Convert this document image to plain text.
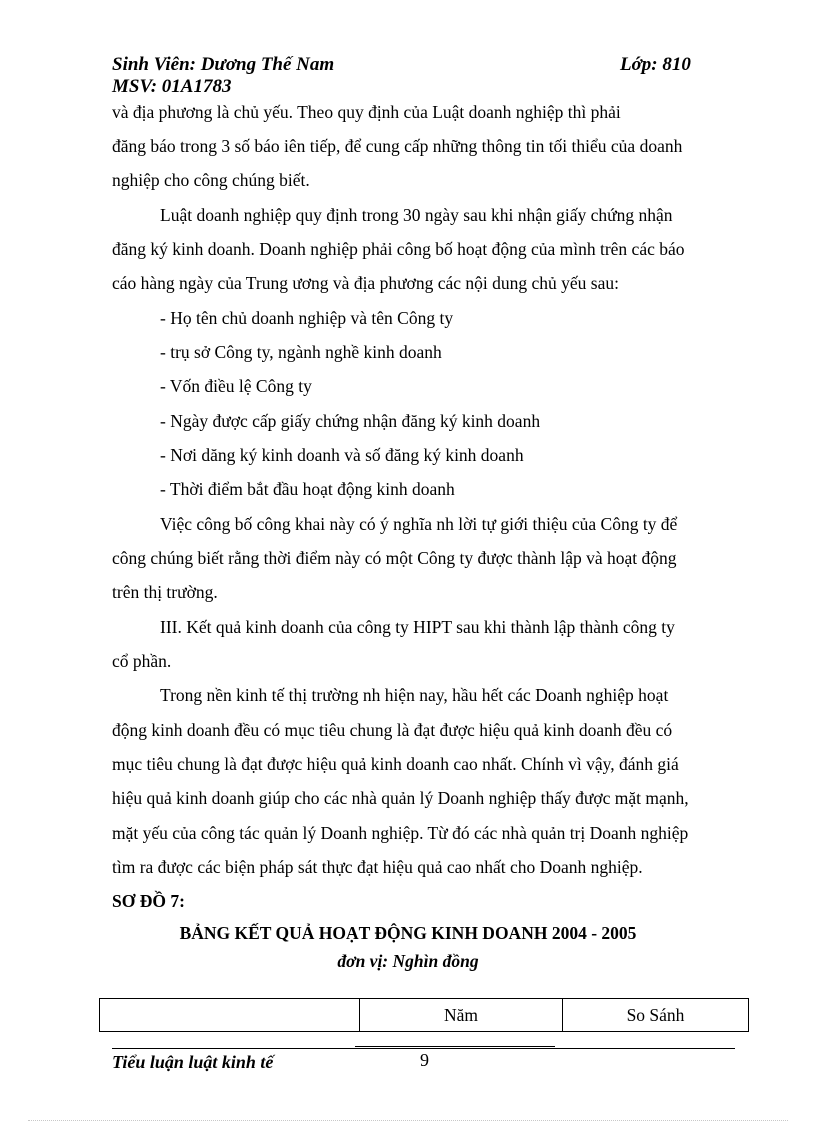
Sinh Viên: Dương Thế Nam	Lớp: 810
MSV: 01A1783
và địa phương là chủ yếu. Theo quy định của Luật doanh nghiệp thì phải
đăng báo trong 3 số báo iên tiếp, để cung cấp những thông tin tối thiểu của doanh
nghiệp cho công chúng biết.
Luật doanh nghiệp quy định trong 30 ngày sau khi nhận giấy chứng nhận
đăng ký kinh doanh. Doanh nghiệp phải công bố hoạt động của mình trên các báo
cáo hàng ngày của Trung ương và địa phương các nội dung chủ yếu sau:
- Họ tên chủ doanh nghiệp và tên Công ty
- trụ sở Công ty, ngành nghề kinh doanh
- Vốn điều lệ Công ty
- Ngày được cấp giấy chứng nhận đăng ký kinh doanh
- Nơi dăng ký kinh doanh và số đăng ký kinh doanh
- Thời điểm bắt đầu hoạt động kinh doanh
Việc công bố công khai này có ý nghĩa nh lời tự giới thiệu của Công ty để
công chúng biết rằng thời điểm này có một Công ty được thành lập và hoạt động
trên thị trường.
III. Kết quả kinh doanh của công ty HIPT sau khi thành lập thành công ty
cổ phần.
Trong nền kinh tế thị trường nh hiện nay, hầu hết các Doanh nghiệp hoạt
động kinh doanh đều có mục tiêu chung là đạt được hiệu quả kinh doanh đều có
mục tiêu chung là đạt được hiệu quả kinh doanh cao nhất. Chính vì vậy, đánh giá
hiệu quả kinh doanh giúp cho các nhà quản lý Doanh nghiệp thấy được mặt mạnh,
mặt yếu của công tác quản lý Doanh nghiệp. Từ đó các nhà quản trị Doanh nghiệp
tìm ra được các biện pháp sát thực đạt hiệu quả cao nhất cho Doanh nghiệp.
SƠ ĐỒ 7:
BẢNG KẾT QUẢ HOẠT ĐỘNG KINH DOANH 2004 - 2005
đơn vị: Nghìn đồng
	Năm	So Sánh
Tiểu luận luật kinh tế	9
